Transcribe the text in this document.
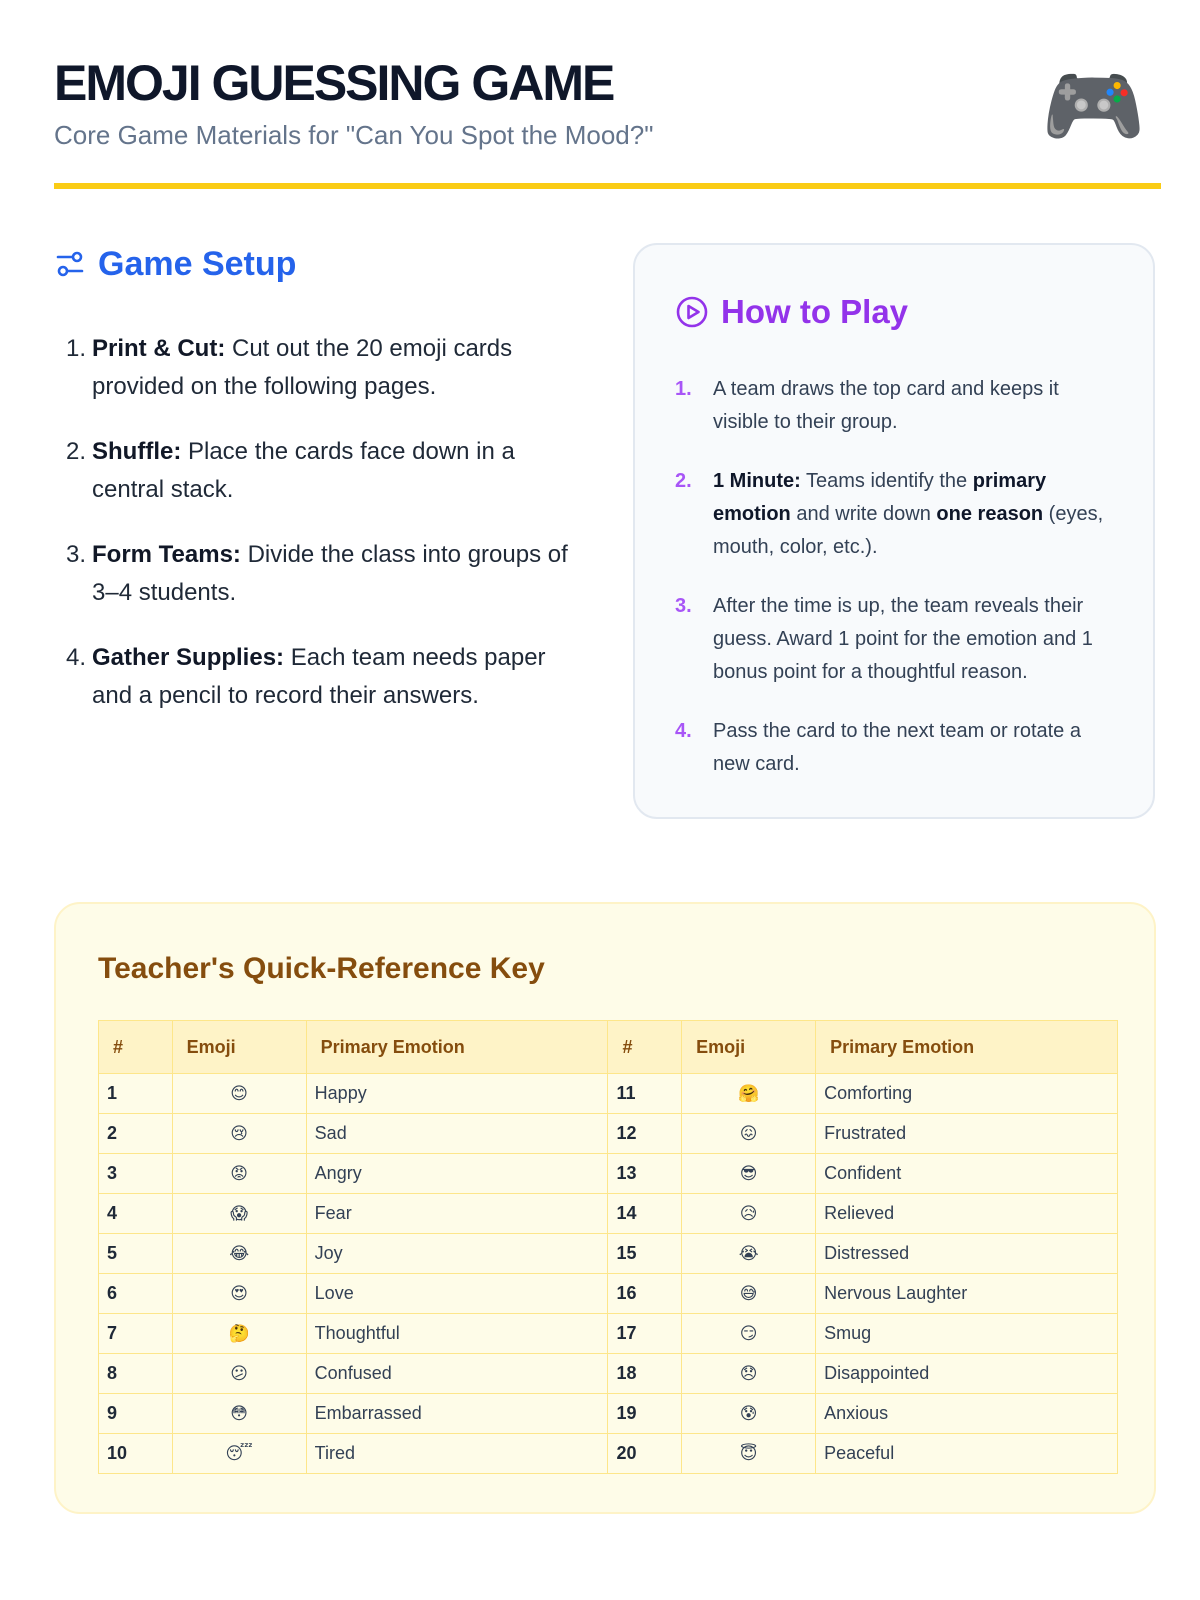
EMOJI GUESSING GAME
Core Game Materials for "Can You Spot the Mood?"	🎮
Game Setup
1. Print & Cut: Cut out the 20 emoji cards provided on the following pages.
2. Shuffle: Place the cards face down in a central stack.
3. Form Teams: Divide the class into groups of 3–4 students.
4. Gather Supplies: Each team needs paper and a pencil to record their answers.
How to Play
1.	A team draws the top card and keeps it visible to their group.
2.	1 Minute: Teams identify the primary emotion and write down one reason (eyes, mouth, color, etc.).
3.	After the time is up, the team reveals their guess. Award 1 point for the emotion and 1 bonus point for a thoughtful reason.
4.	Pass the card to the next team or rotate a new card.
Teacher's Quick-Reference Key
#	Emoji	Primary Emotion	#	Emoji	Primary Emotion
1	😊	Happy	11	🤗	Comforting
2	😢	Sad	12	😖	Frustrated
3	😡	Angry	13	😎	Confident
4	😱	Fear	14	😥	Relieved
5	😂	Joy	15	😭	Distressed
6	😍	Love	16	😅	Nervous Laughter
7	🤔	Thoughtful	17	😏	Smug
8	😕	Confused	18	😞	Disappointed
9	😳	Embarrassed	19	😰	Anxious
10	😴	Tired	20	😇	Peaceful
